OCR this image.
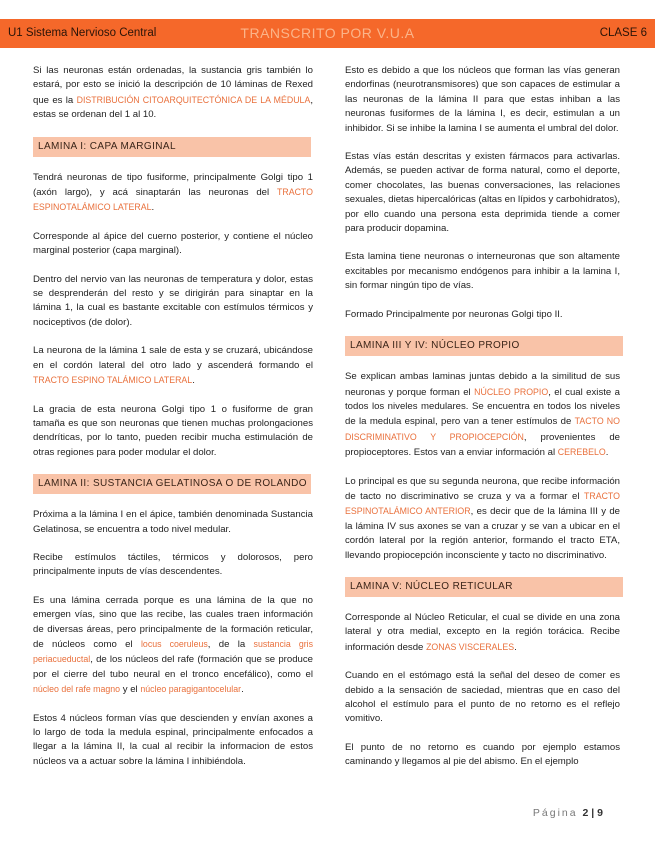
U1 Sistema Nervioso Central	TRANSCRITO POR V.U.A	CLASE 6

Si las neuronas están ordenadas, la sustancia gris también lo estará, por esto se inició la descripción de 10 láminas de Rexed que es la DISTRIBUCIÓN CITOARQUITECTÓNICA DE LA MÉDULA, estas se ordenan del 1 al 10.

LAMINA I: CAPA MARGINAL

Tendrá neuronas de tipo fusiforme, principalmente Golgi tipo 1 (axón largo), y acá sinaptarán las neuronas del TRACTO ESPINOTALÁMICO LATERAL.

Corresponde al ápice del cuerno posterior, y contiene el núcleo marginal posterior (capa marginal).

Dentro del nervio van las neuronas de temperatura y dolor, estas se desprenderán del resto y se dirigirán para sinaptar en la lámina 1, la cual es bastante excitable con estímulos térmicos y nociceptivos (de dolor).

La neurona de la lámina 1 sale de esta y se cruzará, ubicándose en el cordón lateral del otro lado y ascenderá formando el TRACTO ESPINO TALÁMICO LATERAL.

La gracia de esta neurona Golgi tipo 1 o fusiforme de gran tamaña es que son neuronas que tienen muchas prolongaciones dendríticas, por lo tanto, pueden recibir mucha estimulación de otras regiones para poder modular el dolor.

LAMINA II: SUSTANCIA GELATINOSA O DE ROLANDO

Próxima a la lámina I en el ápice, también denominada Sustancia Gelatinosa, se encuentra a todo nivel medular.

Recibe estímulos táctiles, térmicos y dolorosos, pero principalmente inputs de vías descendentes.

Es una lámina cerrada porque es una lámina de la que no emergen vías, sino que las recibe, las cuales traen información de diversas áreas, pero principalmente de la formación reticular, de núcleos como el locus coeruleus, de la sustancia gris periacueductal, de los núcleos del rafe (formación que se produce por el cierre del tubo neural en el tronco encefálico), como el núcleo del rafe magno y el núcleo paragigantocelular.

Estos 4 núcleos forman vías que descienden y envían axones a lo largo de toda la medula espinal, principalmente enfocados a llegar a la lámina II, la cual al recibir la informacion de estos núcleos va a actuar sobre la lámina I inhibiéndola.

Esto es debido a que los núcleos que forman las vías generan endorfinas (neurotransmisores) que son capaces de estimular a las neuronas de la lámina II para que estas inhiban a las neuronas fusiformes de la lámina I, es decir, estimulan a un inhibidor. Si se inhibe la lamina I se aumenta el umbral del dolor.

Estas vías están descritas y existen fármacos para activarlas. Además, se pueden activar de forma natural, como el deporte, comer chocolates, las buenas conversaciones, las relaciones sexuales, dietas hipercalóricas (altas en lípidos y carbohidratos), por ello cuando una persona esta deprimida tiende a comer para producir dopamina.

Esta lamina tiene neuronas o interneuronas que son altamente excitables por mecanismo endógenos para inhibir a la lamina I, sin formar ningún tipo de vías.

Formado Principalmente por neuronas Golgi tipo II.

LAMINA III Y IV: NÚCLEO PROPIO

Se explican ambas laminas juntas debido a la similitud de sus neuronas y porque forman el NÚCLEO PROPIO, el cual existe a todos los niveles medulares. Se encuentra en todos los niveles de la medula espinal, pero van a tener estímulos de TACTO NO DISCRIMINATIVO Y PROPIOCEPCIÓN, provenientes de propioceptores. Estos van a enviar información al CEREBELO.

Lo principal es que su segunda neurona, que recibe información de tacto no discriminativo se cruza y va a formar el TRACTO ESPINOTALÁMICO ANTERIOR, es decir que de la lámina III y de la lámina IV sus axones se van a cruzar y se van a ubicar en el cordón lateral por la región anterior, formando el tracto ETA, llevando propiocepción inconsciente y tacto no discriminativo.

LAMINA V: NÚCLEO RETICULAR

Corresponde al Núcleo Reticular, el cual se divide en una zona lateral y otra medial, excepto en la región torácica. Recibe información desde ZONAS VISCERALES.

Cuando en el estómago está la señal del deseo de comer es debido a la sensación de saciedad, mientras que en caso del alcohol el estímulo para el punto de no retorno es el reflejo vomitivo.

El punto de no retorno es cuando por ejemplo estamos caminando y llegamos al pie del abismo. En el ejemplo

Página 2 | 9
